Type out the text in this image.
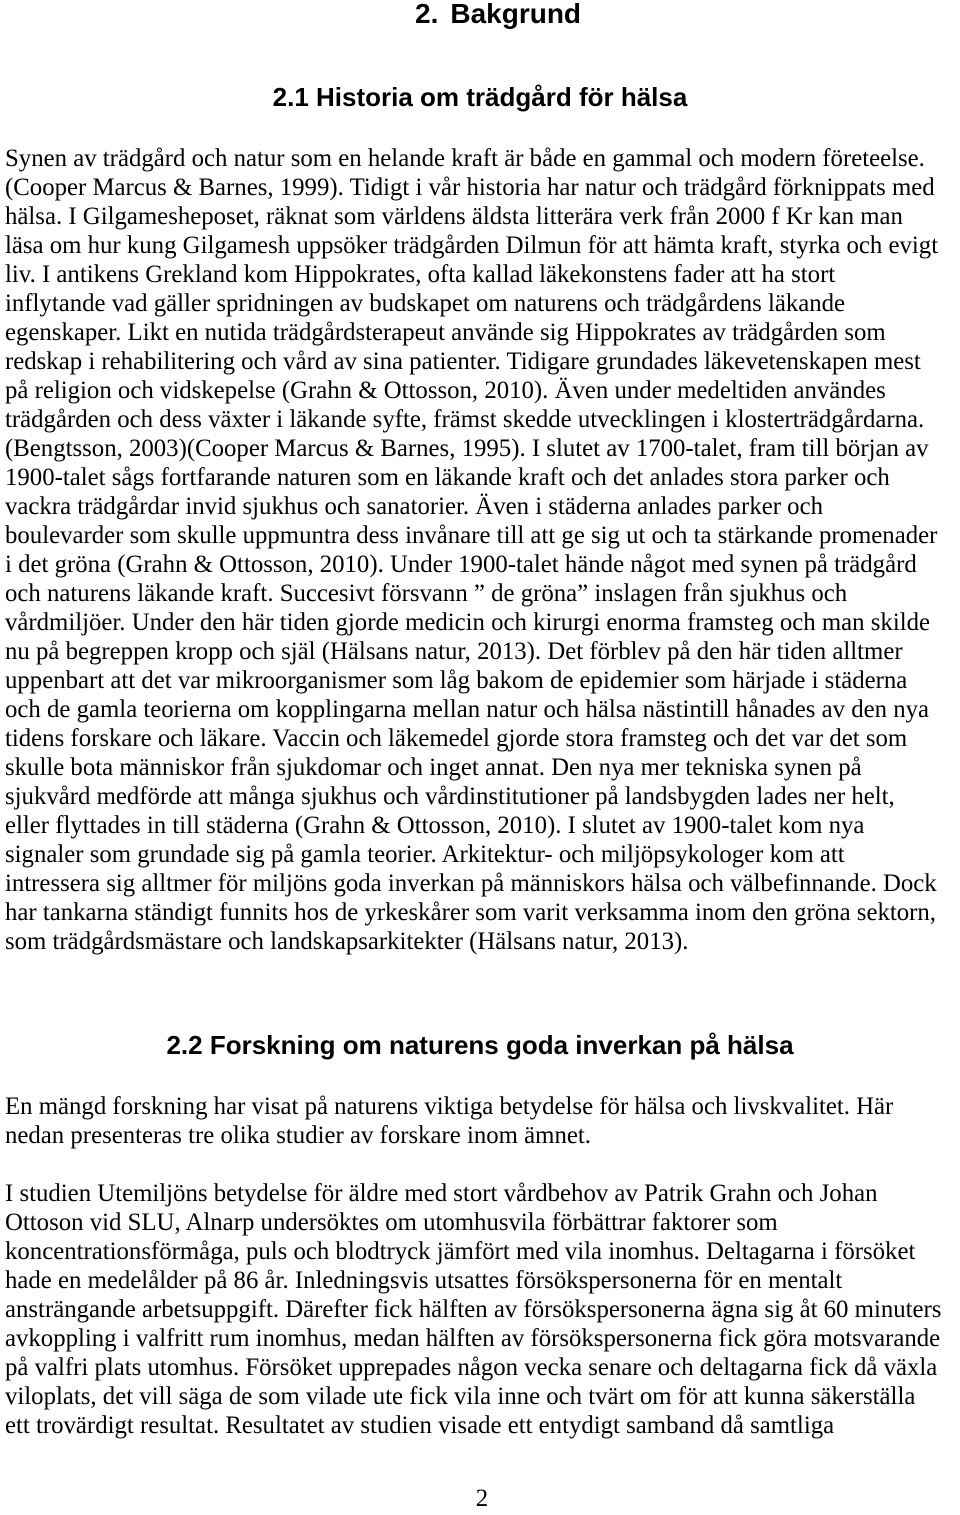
2. Bakgrund
2.1 Historia om trädgård för hälsa
Synen av trädgård och natur som en helande kraft är både en gammal och modern företeelse.
(Cooper Marcus & Barnes, 1999). Tidigt i vår historia har natur och trädgård förknippats med
hälsa. I Gilgamesheposet, räknat som världens äldsta litterära verk från 2000 f Kr kan man
läsa om hur kung Gilgamesh uppsöker trädgården Dilmun för att hämta kraft, styrka och evigt
liv. I antikens Grekland kom Hippokrates, ofta kallad läkekonstens fader att ha stort
inflytande vad gäller spridningen av budskapet om naturens och trädgårdens läkande
egenskaper. Likt en nutida trädgårdsterapeut använde sig Hippokrates av trädgården som
redskap i rehabilitering och vård av sina patienter. Tidigare grundades läkevetenskapen mest
på religion och vidskepelse (Grahn & Ottosson, 2010). Även under medeltiden användes
trädgården och dess växter i läkande syfte, främst skedde utvecklingen i klosterträdgårdarna.
(Bengtsson, 2003)(Cooper Marcus & Barnes, 1995). I slutet av 1700-talet, fram till början av
1900-talet sågs fortfarande naturen som en läkande kraft och det anlades stora parker och
vackra trädgårdar invid sjukhus och sanatorier. Även i städerna anlades parker och
boulevarder som skulle uppmuntra dess invånare till att ge sig ut och ta stärkande promenader
i det gröna (Grahn & Ottosson, 2010). Under 1900-talet hände något med synen på trädgård
och naturens läkande kraft. Succesivt försvann ” de gröna” inslagen från sjukhus och
vårdmiljöer. Under den här tiden gjorde medicin och kirurgi enorma framsteg och man skilde
nu på begreppen kropp och själ (Hälsans natur, 2013). Det förblev på den här tiden alltmer
uppenbart att det var mikroorganismer som låg bakom de epidemier som härjade i städerna
och de gamla teorierna om kopplingarna mellan natur och hälsa nästintill hånades av den nya
tidens forskare och läkare. Vaccin och läkemedel gjorde stora framsteg och det var det som
skulle bota människor från sjukdomar och inget annat. Den nya mer tekniska synen på
sjukvård medförde att många sjukhus och vårdinstitutioner på landsbygden lades ner helt,
eller flyttades in till städerna (Grahn & Ottosson, 2010). I slutet av 1900-talet kom nya
signaler som grundade sig på gamla teorier. Arkitektur- och miljöpsykologer kom att
intressera sig alltmer för miljöns goda inverkan på människors hälsa och välbefinnande. Dock
har tankarna ständigt funnits hos de yrkeskårer som varit verksamma inom den gröna sektorn,
som trädgårdsmästare och landskapsarkitekter (Hälsans natur, 2013).
2.2 Forskning om naturens goda inverkan på hälsa
En mängd forskning har visat på naturens viktiga betydelse för hälsa och livskvalitet. Här
nedan presenteras tre olika studier av forskare inom ämnet.
I studien Utemiljöns betydelse för äldre med stort vårdbehov av Patrik Grahn och Johan
Ottoson vid SLU, Alnarp undersöktes om utomhusvila förbättrar faktorer som
koncentrationsförmåga, puls och blodtryck jämfört med vila inomhus. Deltagarna i försöket
hade en medelålder på 86 år. Inledningsvis utsattes försökspersonerna för en mentalt
ansträngande arbetsuppgift. Därefter fick hälften av försökspersonerna ägna sig åt 60 minuters
avkoppling i valfritt rum inomhus, medan hälften av försökspersonerna fick göra motsvarande
på valfri plats utomhus. Försöket upprepades någon vecka senare och deltagarna fick då växla
viloplats, det vill säga de som vilade ute fick vila inne och tvärt om för att kunna säkerställa
ett trovärdigt resultat. Resultatet av studien visade ett entydigt samband då samtliga
2
